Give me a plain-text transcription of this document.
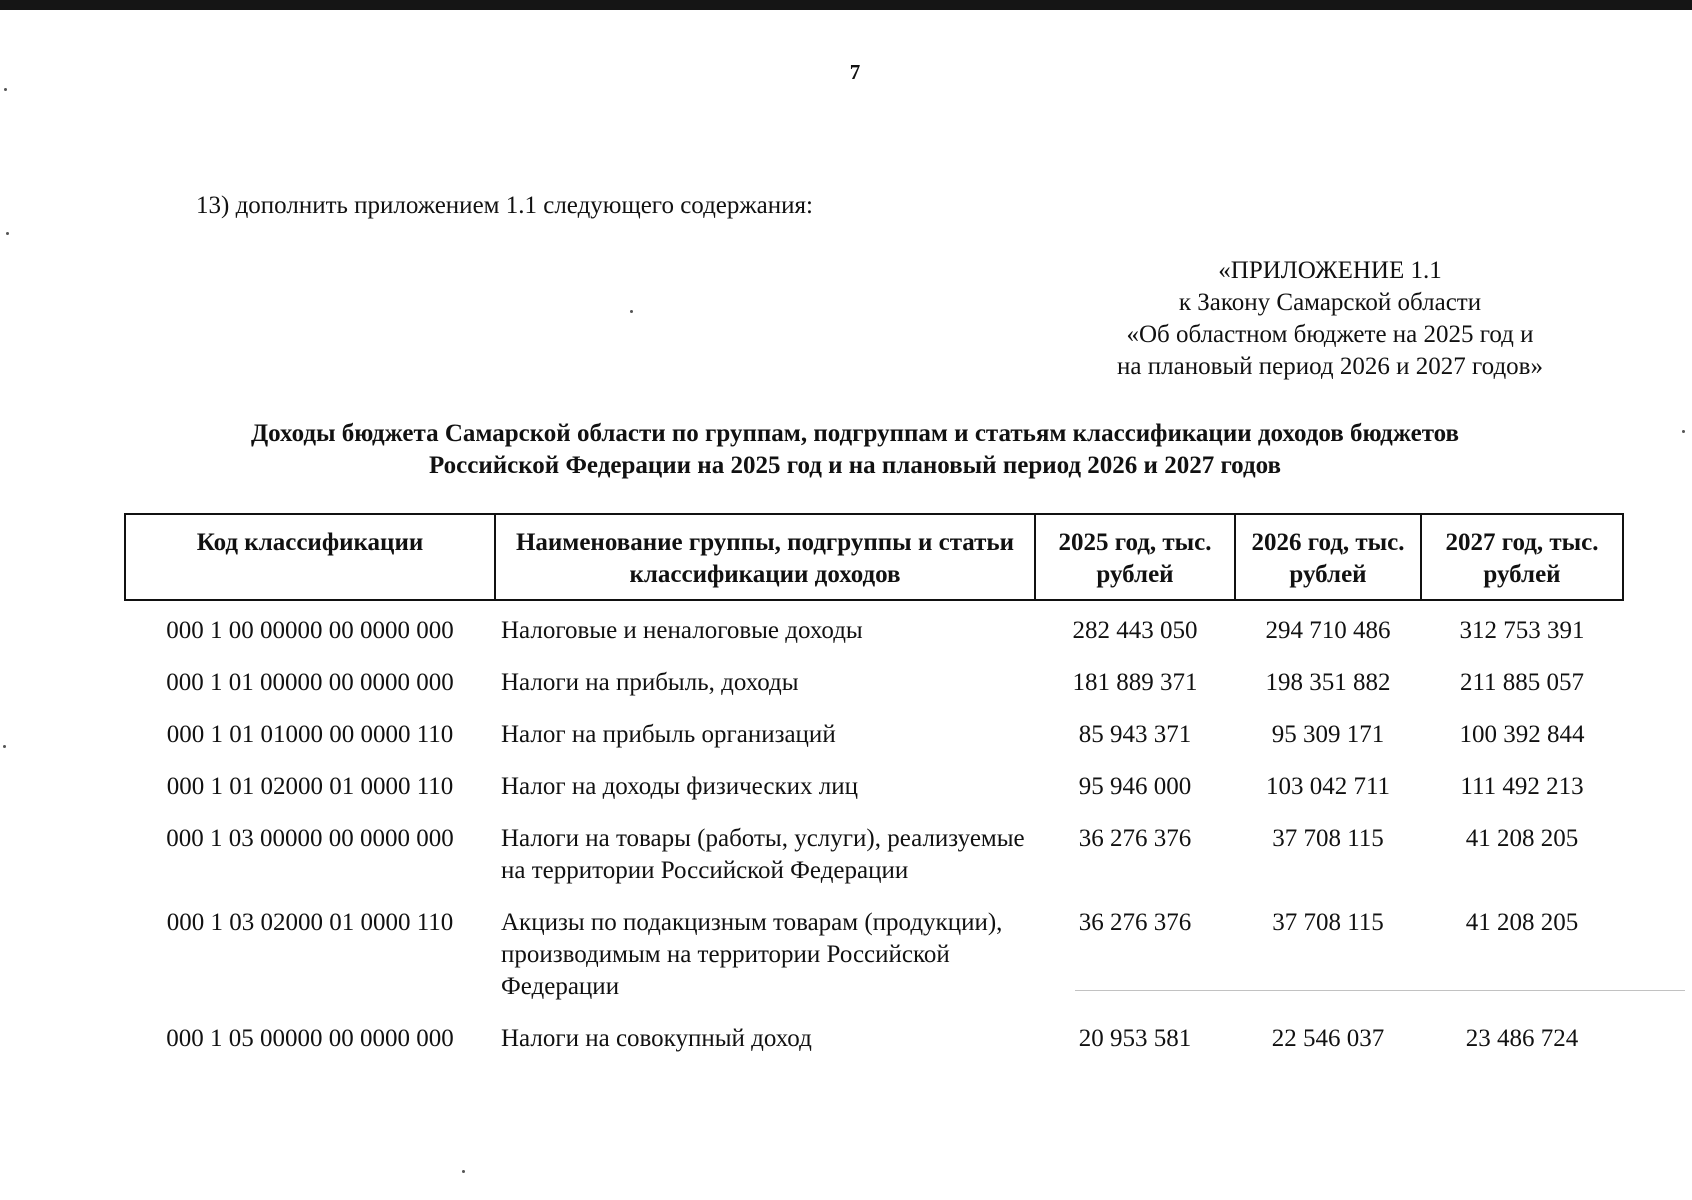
7
13) дополнить приложением 1.1 следующего содержания:
«ПРИЛОЖЕНИЕ 1.1
к Закону Самарской области
«Об областном бюджете на 2025 год и
на плановый период 2026 и 2027 годов»
Доходы бюджета Самарской области по группам, подгруппам и статьям классификации доходов бюджетов
Российской Федерации на 2025 год и на плановый период 2026 и 2027 годов
Код классификации	Наименование группы, подгруппы и статьи классификации доходов	2025 год, тыс. рублей	2026 год, тыс. рублей	2027 год, тыс. рублей
000 1 00 00000 00 0000 000	Налоговые и неналоговые доходы	282 443 050	294 710 486	312 753 391
000 1 01 00000 00 0000 000	Налоги на прибыль, доходы	181 889 371	198 351 882	211 885 057
000 1 01 01000 00 0000 110	Налог на прибыль организаций	85 943 371	95 309 171	100 392 844
000 1 01 02000 01 0000 110	Налог на доходы физических лиц	95 946 000	103 042 711	111 492 213
000 1 03 00000 00 0000 000	Налоги на товары (работы, услуги), реализуемые на территории Российской Федерации	36 276 376	37 708 115	41 208 205
000 1 03 02000 01 0000 110	Акцизы по подакцизным товарам (продукции), производимым на территории Российской Федерации	36 276 376	37 708 115	41 208 205
000 1 05 00000 00 0000 000	Налоги на совокупный доход	20 953 581	22 546 037	23 486 724
